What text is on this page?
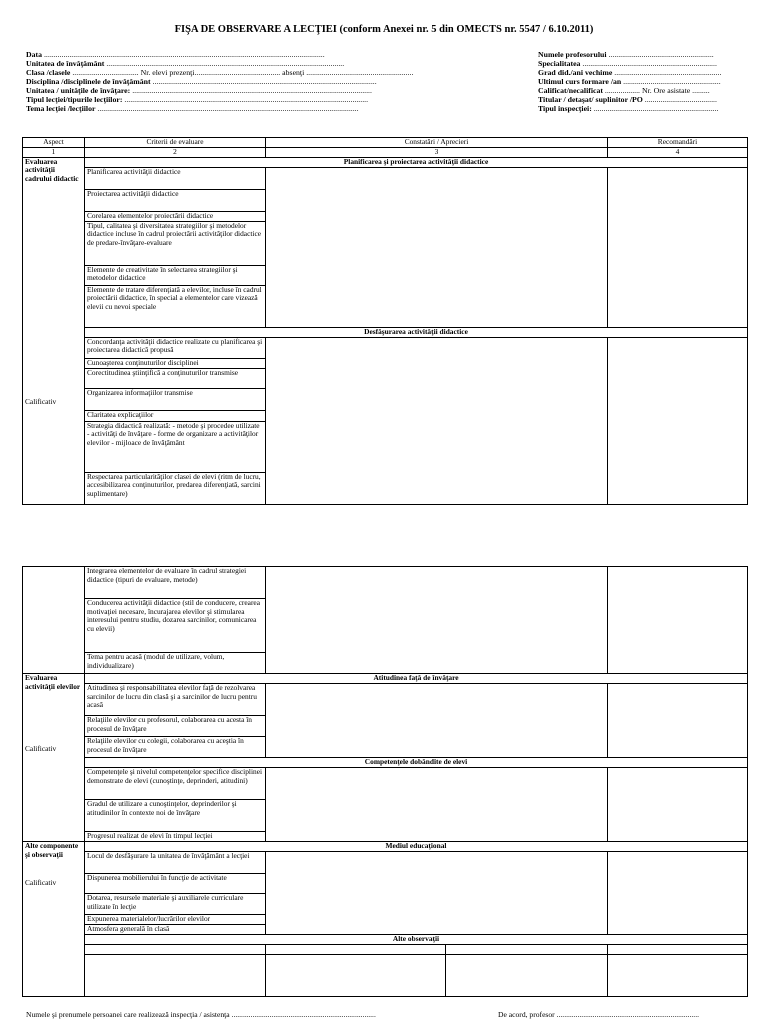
FIŞA DE OBSERVARE A LECŢIEI (conform Anexei nr. 5 din OMECTS nr. 5547 / 6.10.2011)
Data ................................................................................................................................................
Unitatea de învăţământ ..........................................................................................................................
Clasa /clasele .................................. Nr. elevi prezenţi............................................ absenţi .......................................................
Disciplina /disciplinele de învăţământ ...................................................................................................................
Unitatea / unităţile de învăţare: ...........................................................................................................................
Tipul lecţiei/tipurile lecţiilor: .............................................................................................................................
Tema lecţiei /lecţiilor ......................................................................................................................................
Numele profesorului ......................................................
Specialitatea .....................................................................
Grad did./ani vechime .......................................................
Ultimul curs formare /an ..................................................
Calificat/necalificat .................. Nr. Ore asistate .........
Titular / detaşat/ suplinitor /PO .....................................
Tipul inspecţiei: ................................................................
Aspect	Criterii de evaluare	Constatări / Aprecieri	Recomandări
1	2	3	4

Evaluarea activităţii cadrului didactic
Calificativ	Planificarea şi proiectarea activităţii didactice		
	Planificarea activităţii didactice		
	Proiectarea activităţii didactice		
	Corelarea elementelor proiectării didactice		
	Tipul, calitatea şi diversitatea strategiilor şi metodelor didactice incluse în cadrul proiectării activităţilor didactice de predare-învăţare-evaluare		
	Elemente de creativitate în selectarea strategiilor şi metodelor didactice		
	Elemente de tratare diferenţiată a elevilor, incluse în cadrul proiectării didactice, în special a elementelor care vizează elevii cu nevoi speciale		
	Desfăşurarea activităţii didactice		
	Concordanţa activităţii didactice realizate cu planificarea şi proiectarea didactică propusă		
	Cunoaşterea conţinuturilor disciplinei		
	Corectitudinea ştiinţifică a conţinuturilor transmise		
	Organizarea informaţiilor transmise		
	Claritatea explicaţiilor		
	Strategia didactică realizată: - metode şi procedee utilizate - activităţi de învăţare - forme de organizare a activităţilor elevilor - mijloace de învăţământ		
	Respectarea particularităţilor clasei de elevi (ritm de lucru, accesibilizarea conţinuturilor, predarea diferenţiată, sarcini suplimentare)		
	Integrarea elementelor de evaluare în cadrul strategiei didactice (tipuri de evaluare, metode)			
	Conducerea activităţii didactice (stil de conducere, crearea motivaţiei necesare, încurajarea elevilor şi stimularea interesului pentru studiu, dozarea sarcinilor, comunicarea cu elevii)			
	Tema pentru acasă (modul de utilizare, volum, individualizare)			

Evaluarea activităţii elevilor
Calificativ	Atitudinea faţă de învăţare			
	Atitudinea şi responsabilitatea elevilor faţă de rezolvarea sarcinilor de lucru din clasă şi a sarcinilor de lucru pentru acasă			
	Relaţiile elevilor cu profesorul, colaborarea cu acesta în procesul de învăţare			
	Relaţiile elevilor cu colegii, colaborarea cu aceştia în procesul de învăţare			
	Competenţele dobândite de elevi			
	Competenţele şi nivelul competenţelor specifice disciplinei demonstrate de elevi (cunoştinţe, deprinderi, atitudini)			
	Gradul de utilizare a cunoştinţelor, deprinderilor şi atitudinilor în contexte noi de învăţare			
	Progresul realizat de elevi în timpul lecţiei			

Alte componente şi observaţii
Calificativ	Mediul educaţional			
	Locul de desfăşurare la unitatea de învăţământ a lecţiei			
	Dispunerea mobilierului în funcţie de activitate			
	Dotarea, resursele materiale şi auxiliarele curriculare utilizate în lecţie			
	Expunerea materialelor/lucrărilor elevilor			
	Atmosfera generală în clasă			
	Alte observaţii			

Numele şi prenumele persoanei care realizează inspecţia / asistenţa ............................................................................	De acord, profesor ...........................................................................
